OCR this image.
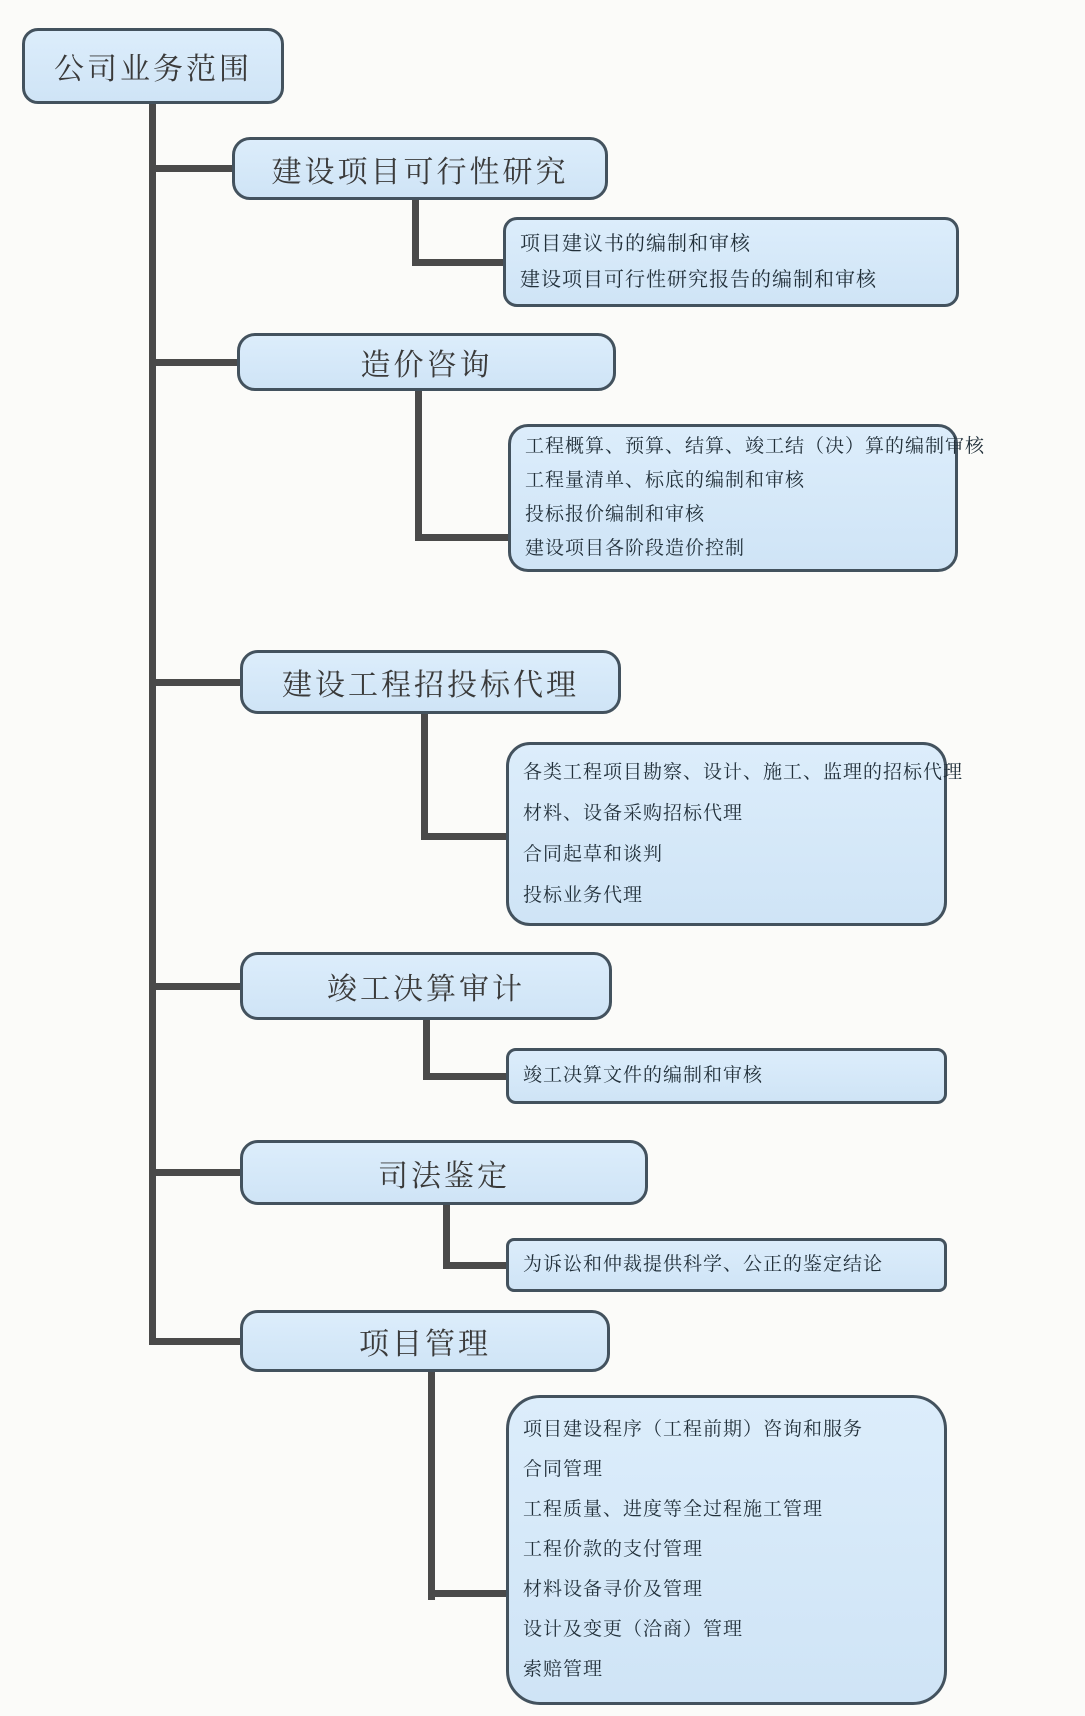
公司业务范围
建设项目可行性研究
项目建议书的编制和审核
建设项目可行性研究报告的编制和审核
造价咨询
工程概算、预算、结算、竣工结（决）算的编制审核
工程量清单、标底的编制和审核
投标报价编制和审核
建设项目各阶段造价控制
建设工程招投标代理
各类工程项目勘察、设计、施工、监理的招标代理
材料、设备采购招标代理
合同起草和谈判
投标业务代理
竣工决算审计
竣工决算文件的编制和审核
司法鉴定
为诉讼和仲裁提供科学、公正的鉴定结论
项目管理
项目建设程序（工程前期）咨询和服务
合同管理
工程质量、进度等全过程施工管理
工程价款的支付管理
材料设备寻价及管理
设计及变更（洽商）管理
索赔管理
